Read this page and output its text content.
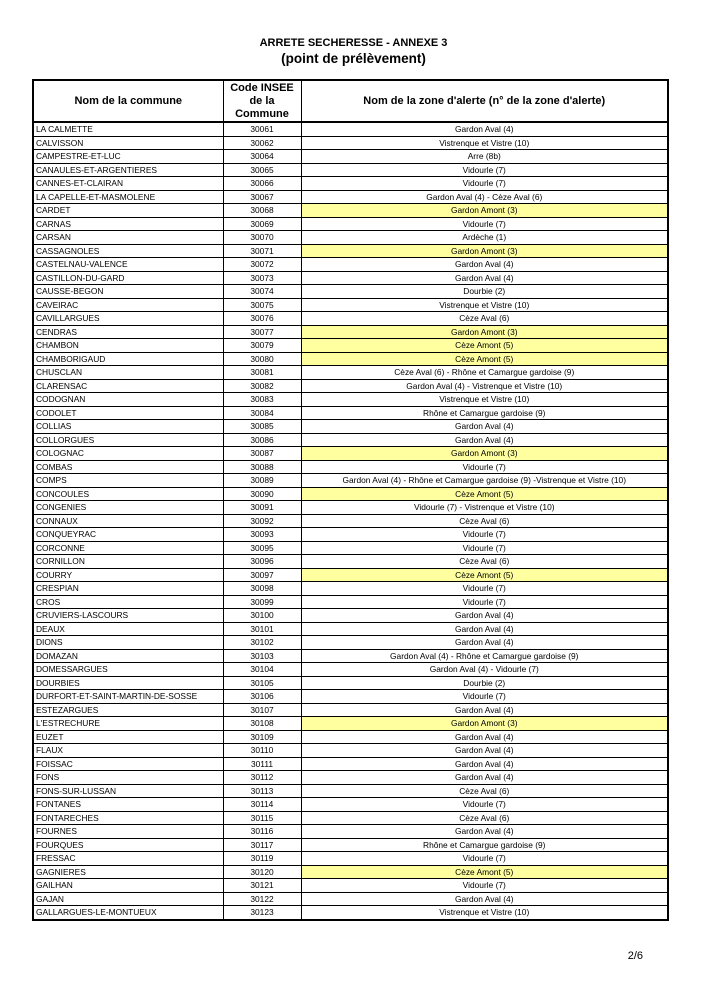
ARRETE SECHERESSE - ANNEXE 3
(point de prélèvement)
Nom de la commune	Code INSEE de la Commune	Nom de la zone d'alerte (n° de la zone d'alerte)
LA CALMETTE	30061	Gardon Aval (4)
CALVISSON	30062	Vistrenque et Vistre (10)
CAMPESTRE-ET-LUC	30064	Arre (8b)
CANAULES-ET-ARGENTIERES	30065	Vidourle (7)
CANNES-ET-CLAIRAN	30066	Vidourle (7)
LA CAPELLE-ET-MASMOLENE	30067	Gardon Aval (4) - Cèze Aval (6)
CARDET	30068	Gardon Amont (3)
CARNAS	30069	Vidourle (7)
CARSAN	30070	Ardèche (1)
CASSAGNOLES	30071	Gardon Amont (3)
CASTELNAU-VALENCE	30072	Gardon Aval (4)
CASTILLON-DU-GARD	30073	Gardon Aval (4)
CAUSSE-BEGON	30074	Dourbie (2)
CAVEIRAC	30075	Vistrenque et Vistre (10)
CAVILLARGUES	30076	Cèze Aval (6)
CENDRAS	30077	Gardon Amont (3)
CHAMBON	30079	Cèze Amont (5)
CHAMBORIGAUD	30080	Cèze Amont (5)
CHUSCLAN	30081	Cèze Aval (6) - Rhône et Camargue gardoise (9)
CLARENSAC	30082	Gardon Aval (4) - Vistrenque et Vistre (10)
CODOGNAN	30083	Vistrenque et Vistre (10)
CODOLET	30084	Rhône et Camargue gardoise (9)
COLLIAS	30085	Gardon Aval (4)
COLLORGUES	30086	Gardon Aval (4)
COLOGNAC	30087	Gardon Amont (3)
COMBAS	30088	Vidourle (7)
COMPS	30089	Gardon Aval (4) - Rhône et Camargue gardoise (9) -Vistrenque et Vistre (10)
CONCOULES	30090	Cèze Amont (5)
CONGENIES	30091	Vidourle (7) - Vistrenque et Vistre (10)
CONNAUX	30092	Cèze Aval (6)
CONQUEYRAC	30093	Vidourle (7)
CORCONNE	30095	Vidourle (7)
CORNILLON	30096	Cèze Aval (6)
COURRY	30097	Cèze Amont (5)
CRESPIAN	30098	Vidourle (7)
CROS	30099	Vidourle (7)
CRUVIERS-LASCOURS	30100	Gardon Aval (4)
DEAUX	30101	Gardon Aval (4)
DIONS	30102	Gardon Aval (4)
DOMAZAN	30103	Gardon Aval (4) - Rhône et Camargue gardoise (9)
DOMESSARGUES	30104	Gardon Aval (4) - Vidourle (7)
DOURBIES	30105	Dourbie (2)
DURFORT-ET-SAINT-MARTIN-DE-SOSSE	30106	Vidourle (7)
ESTEZARGUES	30107	Gardon Aval (4)
L'ESTRECHURE	30108	Gardon Amont (3)
EUZET	30109	Gardon Aval (4)
FLAUX	30110	Gardon Aval (4)
FOISSAC	30111	Gardon Aval (4)
FONS	30112	Gardon Aval (4)
FONS-SUR-LUSSAN	30113	Cèze Aval (6)
FONTANES	30114	Vidourle (7)
FONTARECHES	30115	Cèze Aval (6)
FOURNES	30116	Gardon Aval (4)
FOURQUES	30117	Rhône et Camargue gardoise (9)
FRESSAC	30119	Vidourle (7)
GAGNIERES	30120	Cèze Amont (5)
GAILHAN	30121	Vidourle (7)
GAJAN	30122	Gardon Aval (4)
GALLARGUES-LE-MONTUEUX	30123	Vistrenque et Vistre (10)
2/6
